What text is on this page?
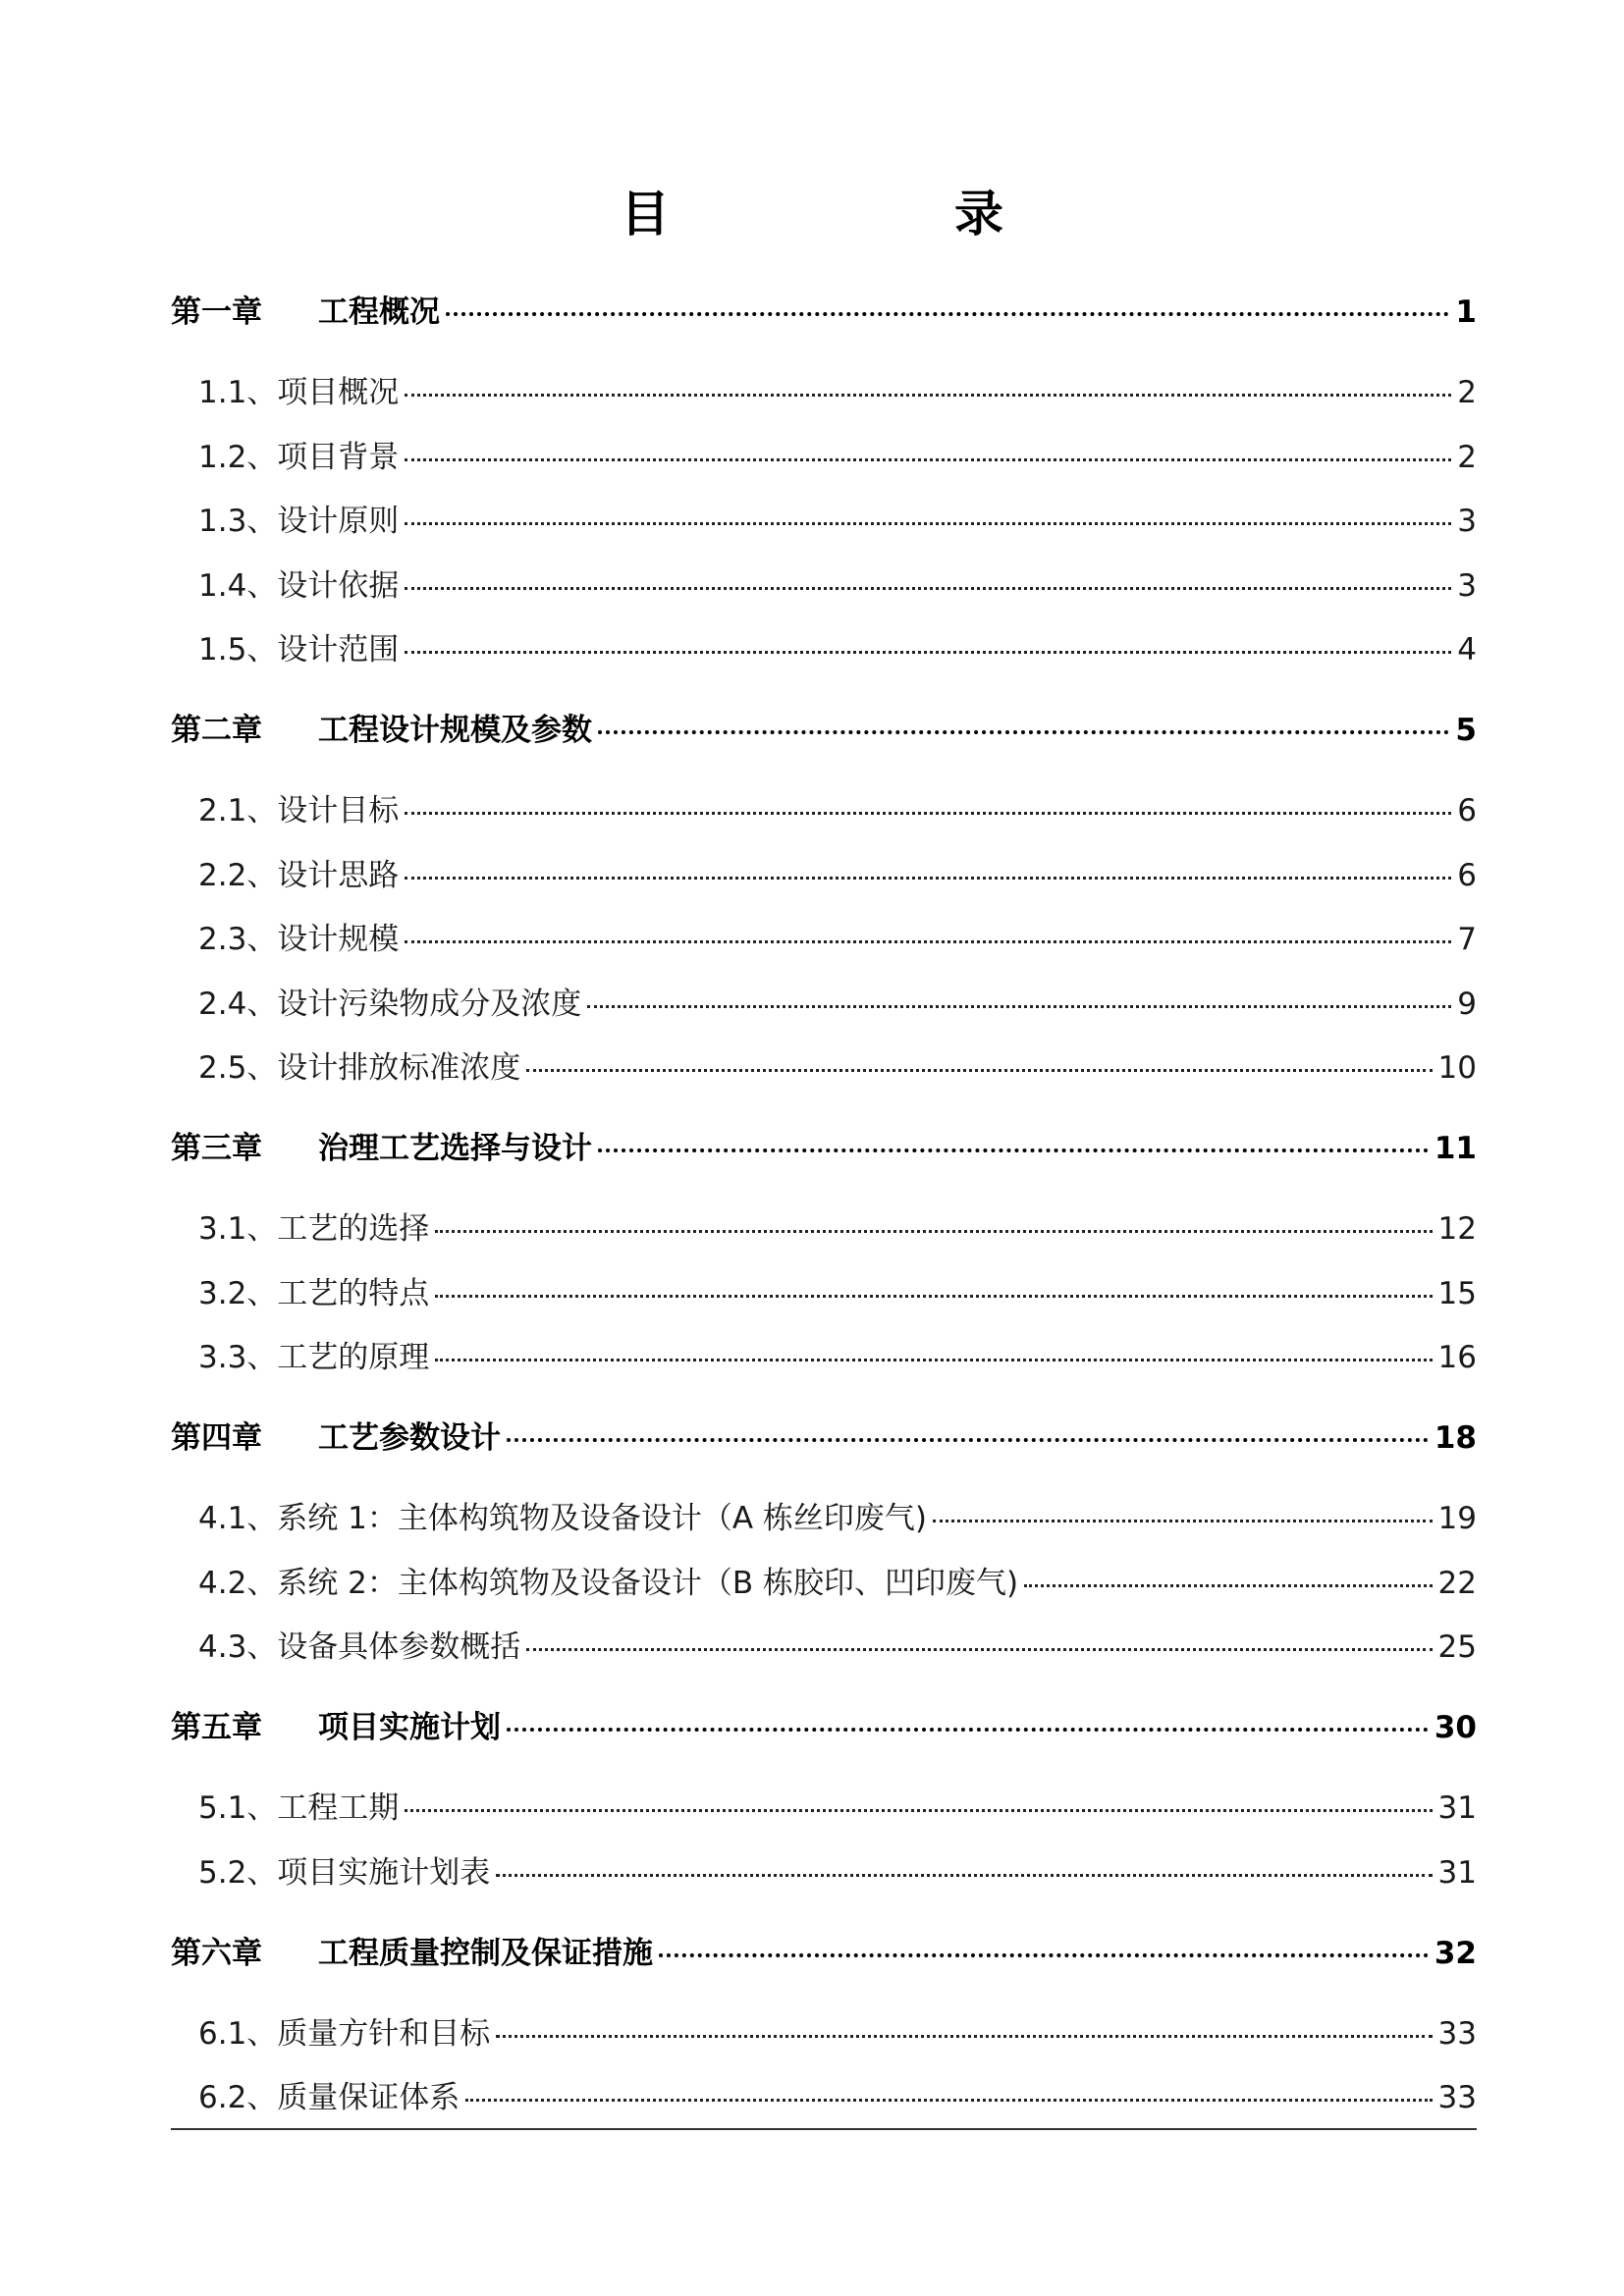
目　录
第一章	工程概况	1
1.1、项目概况	2
1.2、项目背景	2
1.3、设计原则	3
1.4、设计依据	3
1.5、设计范围	4
第二章	工程设计规模及参数	5
2.1、设计目标	6
2.2、设计思路	6
2.3、设计规模	7
2.4、设计污染物成分及浓度	9
2.5、设计排放标准浓度	10
第三章	治理工艺选择与设计	11
3.1、工艺的选择	12
3.2、工艺的特点	15
3.3、工艺的原理	16
第四章	工艺参数设计	18
4.1、系统 1：主体构筑物及设备设计（A 栋丝印废气)	19
4.2、系统 2：主体构筑物及设备设计（B 栋胶印、凹印废气)	22
4.3、设备具体参数概括	25
第五章	项目实施计划	30
5.1、工程工期	31
5.2、项目实施计划表	31
第六章	工程质量控制及保证措施	32
6.1、质量方针和目标	33
6.2、质量保证体系	33
